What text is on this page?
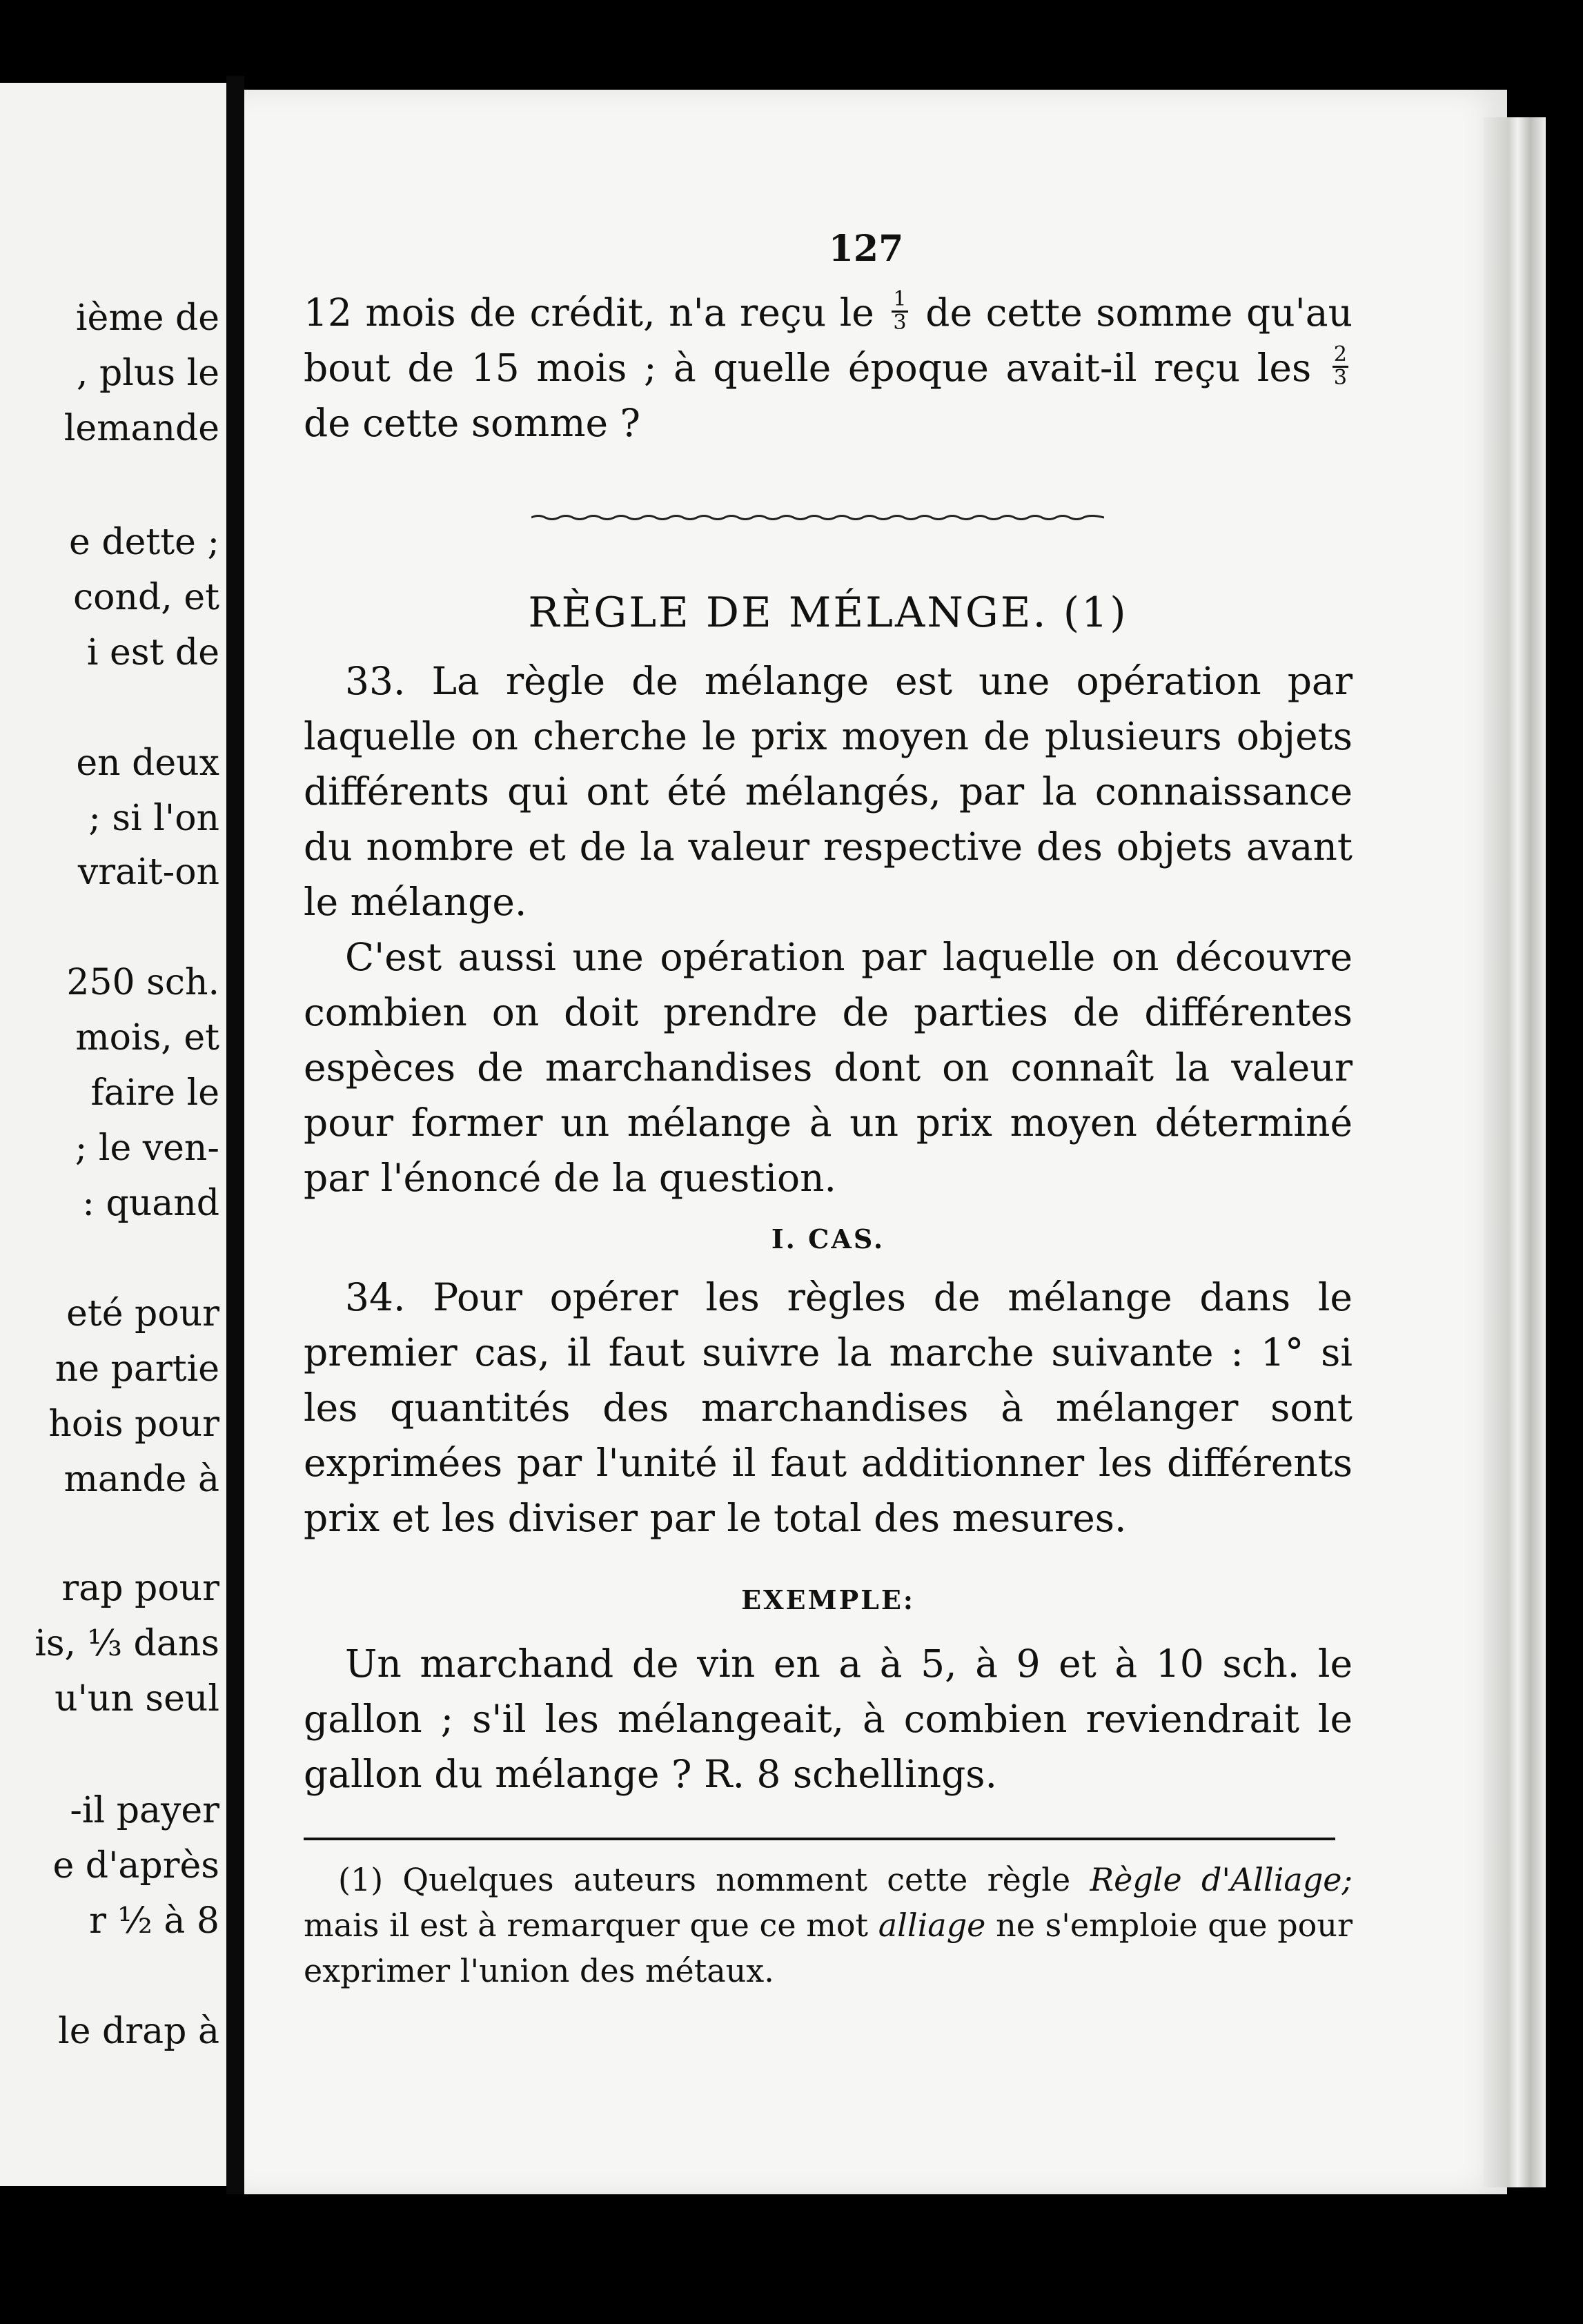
ième de
, plus le
lemande
e dette ;
cond, et
i est de
en deux
; si l'on
vrait-on
250 sch.
mois, et
faire le
; le ven-
: quand
eté pour
ne partie
hois pour
mande à
rap pour
is, ⅓ dans
u'un seul
-il payer
e d'après
r ½ à 8
le drap à
127

12 mois de crédit, n'a reçu le $\frac{1}{3}$ de cette somme qu'au bout de 15 mois ; à quelle époque avait-il reçu les $\frac{2}{3}$
de cette somme ?

RÈGLE DE MÉLANGE. (1)

33. La règle de mélange est une opération par laquelle on cherche le prix moyen de plusieurs objets différents qui ont été mélangés, par la connaissance du nombre et de la valeur respective des objets avant le mélange.

C'est aussi une opération par laquelle on découvre combien on doit prendre de parties de différentes espèces de marchandises dont on connaît la valeur pour former un mélange à un prix moyen déterminé par l'énoncé de la question.

I. CAS.

34. Pour opérer les règles de mélange dans le premier cas, il faut suivre la marche suivante : 1° si les quantités des marchandises à mélanger sont exprimées par l'unité il faut additionner les différents prix et les diviser par le total des mesures.

EXEMPLE:

Un marchand de vin en a à 5, à 9 et à 10 sch. le gallon ; s'il les mélangeait, à combien reviendrait le gallon du mélange ? R. 8 schellings.

(1) Quelques auteurs nomment cette règle Règle d'Alliage; mais il est à remarquer que ce mot alliage ne s'emploie que pour exprimer l'union des métaux.
